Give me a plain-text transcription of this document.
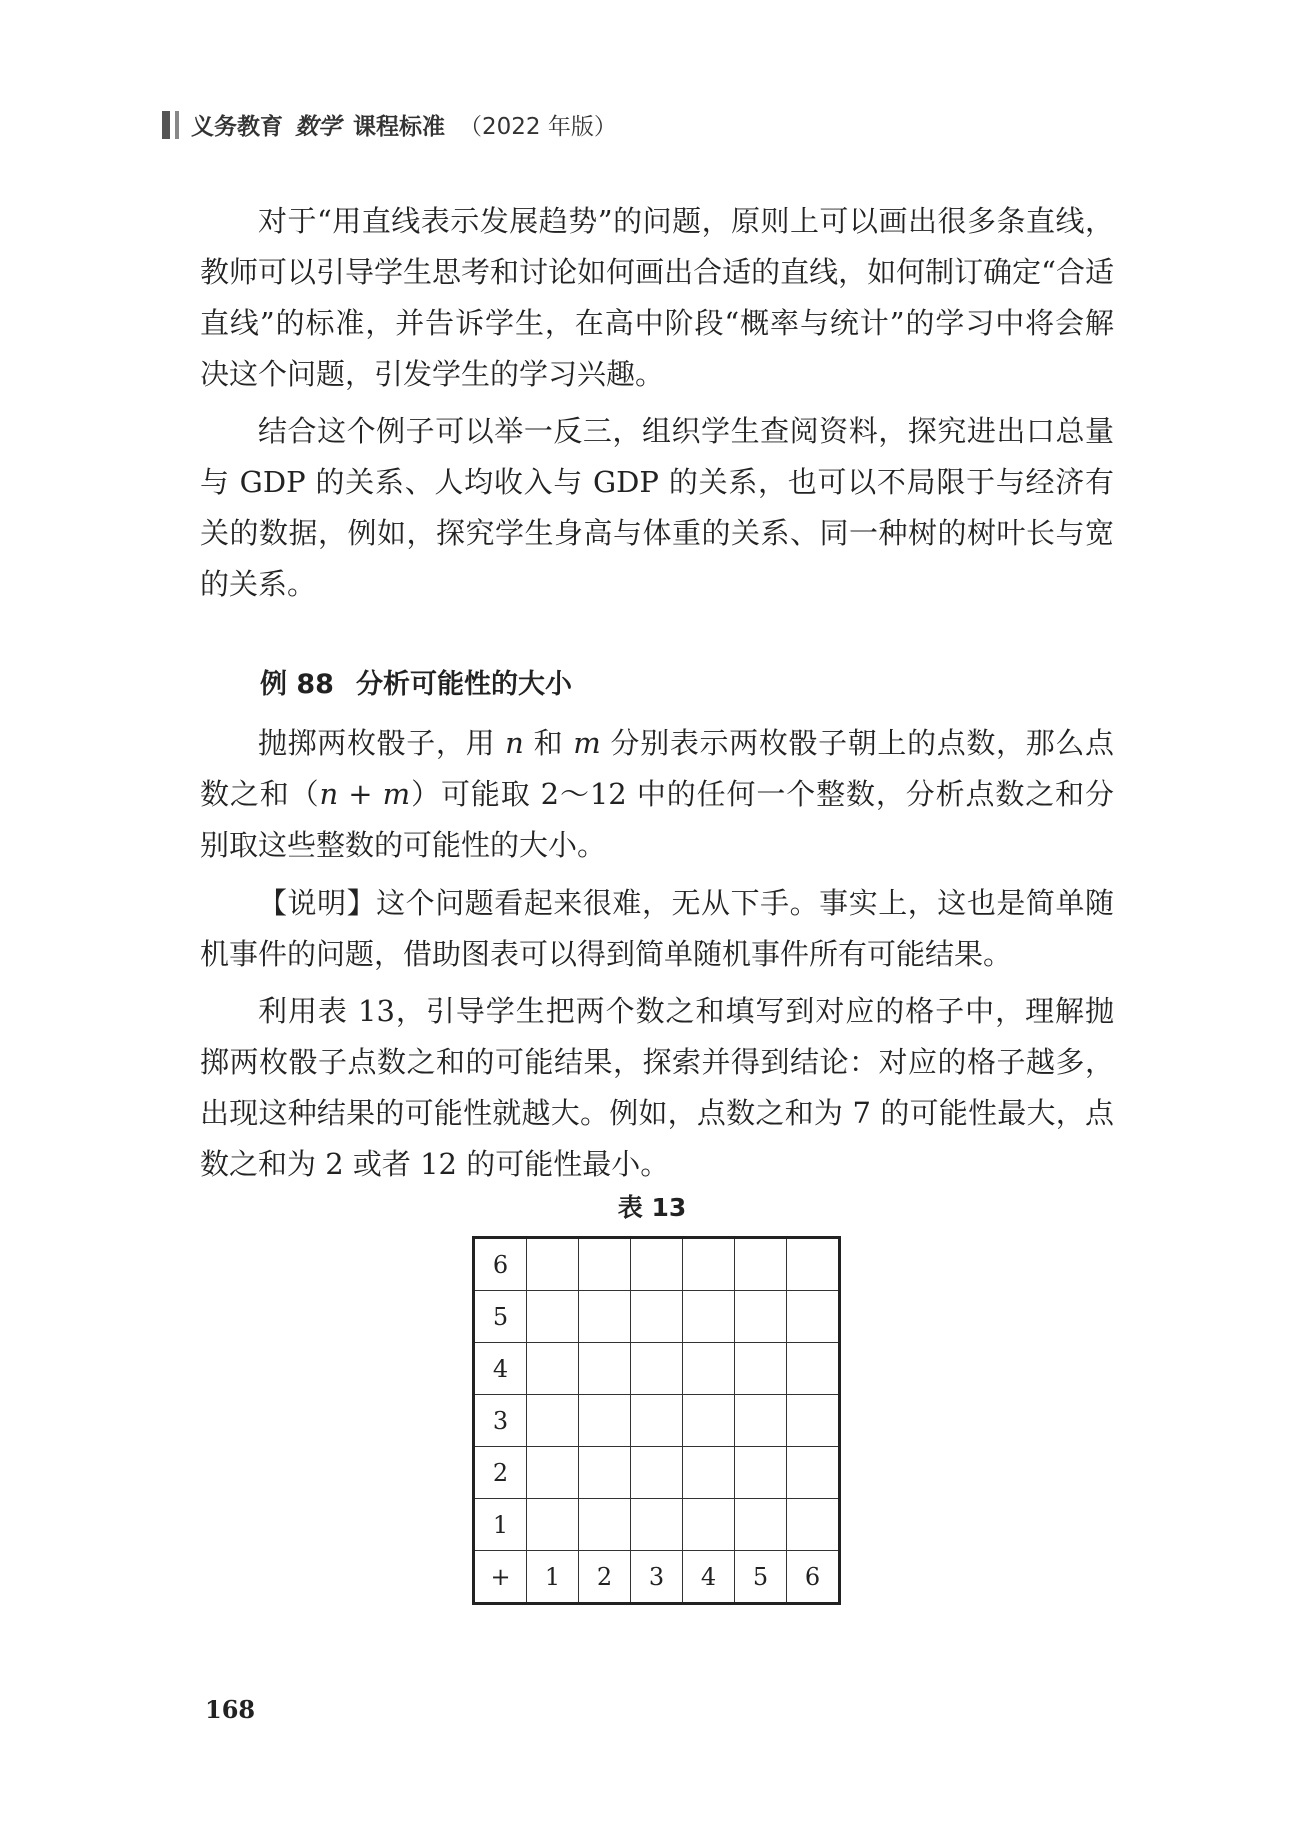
义务教育 数学 课程标准 （2022 年版）

对于“用直线表示发展趋势”的问题，原则上可以画出很多条直线，教师可以引导学生思考和讨论如何画出合适的直线，如何制订确定“合适直线”的标准，并告诉学生，在高中阶段“概率与统计”的学习中将会解决这个问题，引发学生的学习兴趣。

结合这个例子可以举一反三，组织学生查阅资料，探究进出口总量与 GDP 的关系、人均收入与 GDP 的关系，也可以不局限于与经济有关的数据，例如，探究学生身高与体重的关系、同一种树的树叶长与宽的关系。

例 88 分析可能性的大小

抛掷两枚骰子，用 n 和 m 分别表示两枚骰子朝上的点数，那么点数之和（n + m）可能取 2～12 中的任何一个整数，分析点数之和分别取这些整数的可能性的大小。

【说明】这个问题看起来很难，无从下手。事实上，这也是简单随机事件的问题，借助图表可以得到简单随机事件所有可能结果。

利用表 13，引导学生把两个数之和填写到对应的格子中，理解抛掷两枚骰子点数之和的可能结果，探索并得到结论：对应的格子越多，出现这种结果的可能性就越大。例如，点数之和为 7 的可能性最大，点数之和为 2 或者 12 的可能性最小。

表 13

6						
5						
4						
3						
2						
1						
+	1	2	3	4	5	6

168
